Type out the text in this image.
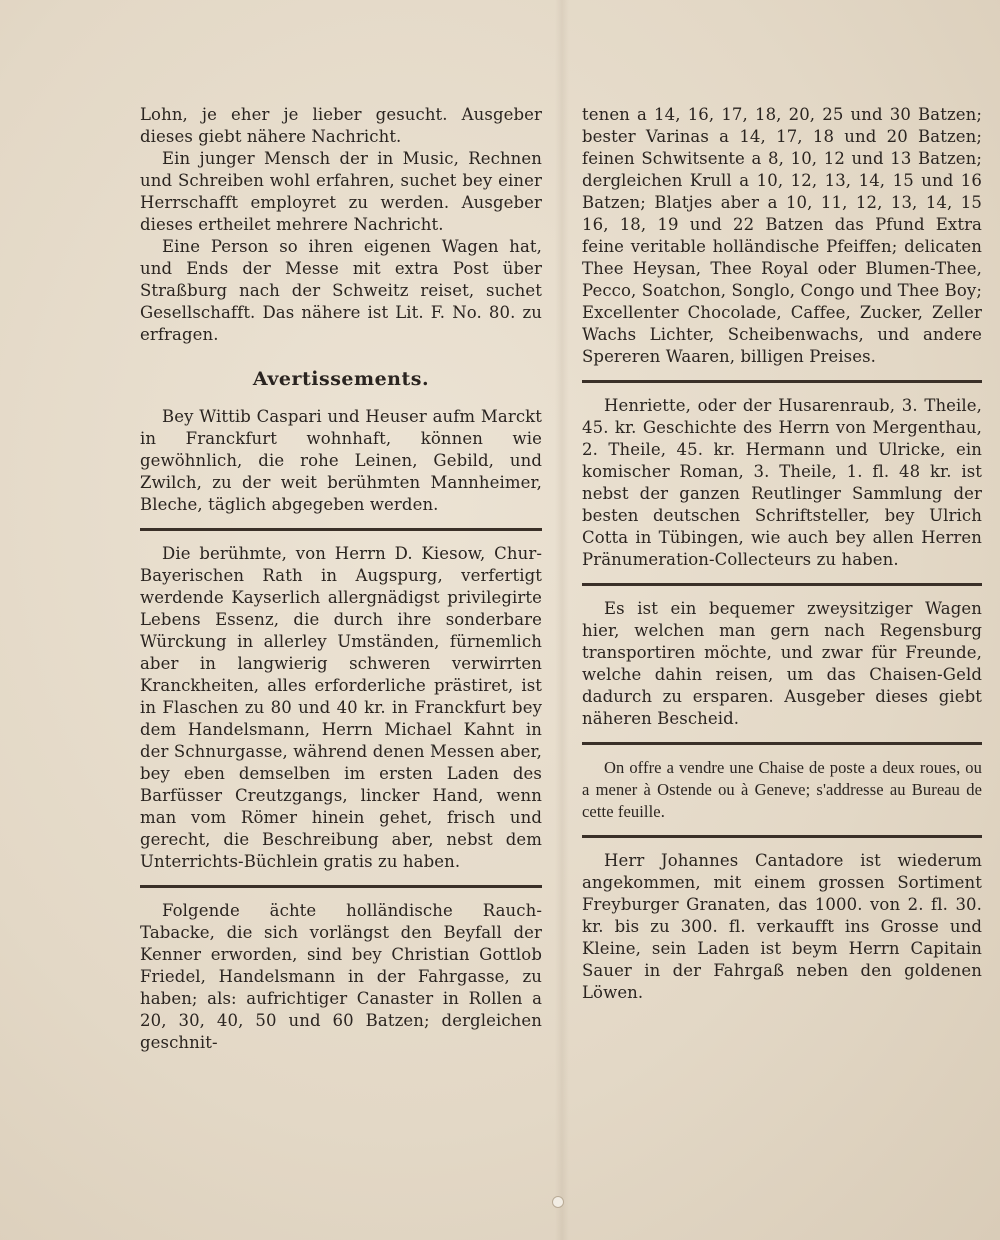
Lohn, je eher je lieber gesucht. Ausgeber dieses giebt nähere Nachricht.

Ein junger Mensch der in Music, Rechnen und Schreiben wohl erfahren, suchet bey einer Herrschafft employret zu werden. Ausgeber dieses ertheilet mehrere Nachricht.

Eine Person so ihren eigenen Wagen hat, und Ends der Messe mit extra Post über Straßburg nach der Schweitz reiset, suchet Gesellschafft. Das nähere ist Lit. F. No. 80. zu erfragen.

Avertissements.

Bey Wittib Caspari und Heuser aufm Marckt in Franckfurt wohnhaft, können wie gewöhnlich, die rohe Leinen, Gebild, und Zwilch, zu der weit berühmten Mannheimer, Bleche, täglich abgegeben werden.

Die berühmte, von Herrn D. Kiesow, Chur-Bayerischen Rath in Augspurg, verfertigt werdende Kayserlich allergnädigst privilegirte Lebens Essenz, die durch ihre sonderbare Würckung in allerley Umständen, fürnemlich aber in langwierig schweren verwirrten Kranckheiten, alles erforderliche prästiret, ist in Flaschen zu 80 und 40 kr. in Franckfurt bey dem Handelsmann, Herrn Michael Kahnt in der Schnurgasse, während denen Messen aber, bey eben demselben im ersten Laden des Barfüsser Creutzgangs, lincker Hand, wenn man vom Römer hinein gehet, frisch und gerecht, die Beschreibung aber, nebst dem Unterrichts-Büchlein gratis zu haben.

Folgende ächte holländische Rauch-Tabacke, die sich vorlängst den Beyfall der Kenner erworden, sind bey Christian Gottlob Friedel, Handelsmann in der Fahrgasse, zu haben; als: aufrichtiger Canaster in Rollen a 20, 30, 40, 50 und 60 Batzen; dergleichen geschnit-

tenen a 14, 16, 17, 18, 20, 25 und 30 Batzen; bester Varinas a 14, 17, 18 und 20 Batzen; feinen Schwitsente a 8, 10, 12 und 13 Batzen; dergleichen Krull a 10, 12, 13, 14, 15 und 16 Batzen; Blatjes aber a 10, 11, 12, 13, 14, 15 16, 18, 19 und 22 Batzen das Pfund Extra feine veritable holländische Pfeiffen; delicaten Thee Heysan, Thee Royal oder Blumen-Thee, Pecco, Soatchon, Songlo, Congo und Thee Boy; Excellenter Chocolade, Caffee, Zucker, Zeller Wachs Lichter, Scheibenwachs, und andere Spereren Waaren, billigen Preises.

Henriette, oder der Husarenraub, 3. Theile, 45. kr. Geschichte des Herrn von Mergenthau, 2. Theile, 45. kr. Hermann und Ulricke, ein komischer Roman, 3. Theile, 1. fl. 48 kr. ist nebst der ganzen Reutlinger Sammlung der besten deutschen Schriftsteller, bey Ulrich Cotta in Tübingen, wie auch bey allen Herren Pränumeration-Collecteurs zu haben.

Es ist ein bequemer zweysitziger Wagen hier, welchen man gern nach Regensburg transportiren möchte, und zwar für Freunde, welche dahin reisen, um das Chaisen-Geld dadurch zu ersparen. Ausgeber dieses giebt näheren Bescheid.

On offre a vendre une Chaise de poste a deux roues, ou a mener à Ostende ou à Geneve; s'addresse au Bureau de cette feuille.

Herr Johannes Cantadore ist wiederum angekommen, mit einem grossen Sortiment Freyburger Granaten, das 1000. von 2. fl. 30. kr. bis zu 300. fl. verkaufft ins Grosse und Kleine, sein Laden ist beym Herrn Capitain Sauer in der Fahrgaß neben den goldenen Löwen.
